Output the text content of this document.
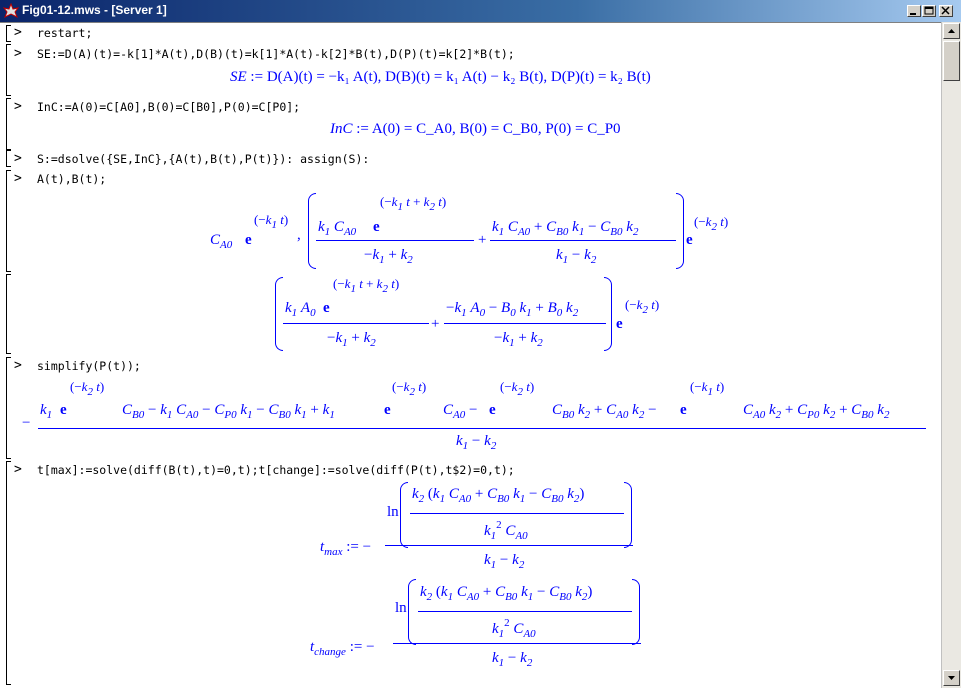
Fig01-12.mws - [Server 1]
> restart;
> SE:=D(A)(t)=-k[1]*A(t),D(B)(t)=k[1]*A(t)-k[2]*B(t),D(P)(t)=k[2]*B(t);
> InC:=A(0)=C[A0],B(0)=C[B0],P(0)=C[P0];
> S:=dsolve({SE,InC},{A(t),B(t),P(t)}): assign(S):
> A(t),B(t);
> simplify(P(t));
> t[max]:=solve(diff(B(t),t)=0,t);t[change]:=solve(diff(P(t),t$2)=0,t);
SE := D(A)(t) = −k₁ A(t), D(B)(t) = k₁ A(t) − k₂ B(t), D(P)(t) = k₂ B(t)
InC := A(0) = C_A0, B(0) = C_B0, P(0) = C_P0
$C_{A0}$ e
($-k_1$ t)
, $k_1$ $C_{A0}$ e
($-k_1$ $t + k_2$ t)
$-k_1 + k_2$
+
$k_1$ $C_{A0} + C_{B0}$ $k_1 - C_{B0}$ $k_2$
$k_1 - k_2$
e
($-k_2$ t)
$k_1$ $A_0$ e
($-k_1$ $t + k_2$ t)
$-k_1 + k_2$
+
$-k_1$ $A_0 - B_0$ $k_1 + B_0$ $k_2$
$-k_1 + k_2$
e
($-k_2$ t)
−
$k_1$ e
($-k_2$ t)
$C_{B0} - k_1$ $C_{A0} - C_{P0}$ $k_1 - C_{B0}$ $k_1 + k_1$	e
($-k_2$ t)
$C_{A0} - e$
($-k_2$ t)
$C_{B0}$ $k_2 + C_{A0}$ $k_2 - e$
($-k_1$ t)
$C_{A0}$ $k_2 + C_{P0}$ $k_2 + C_{B0}$ $k_2$
$k_1 - k_2$
$t_{max}$ := −
ln
$k_2$ ($k_1$ $C_{A0} + C_{B0}$ $k_1 - C_{B0}$ $k_2$)
$k_1^2$ $C_{A0}$
$k_1 - k_2$
$t_{change}$ := −
ln
$k_2$ ($k_1$ $C_{A0} + C_{B0}$ $k_1 - C_{B0}$ $k_2$)
$k_1^2$ $C_{A0}$
$k_1 - k_2$
